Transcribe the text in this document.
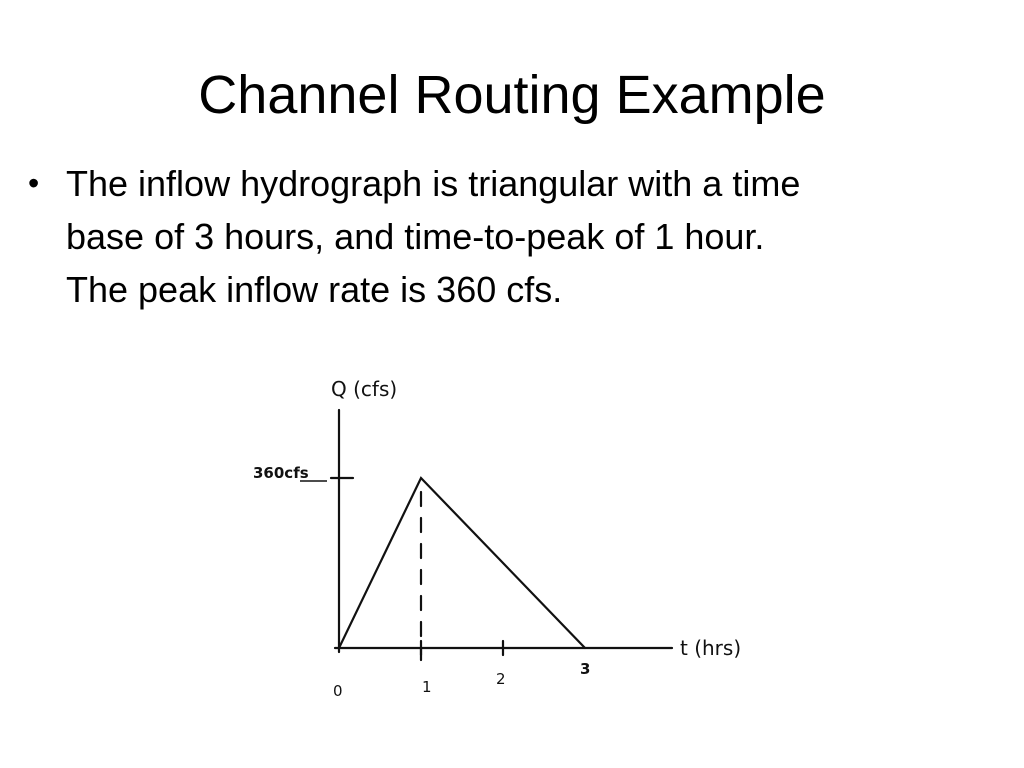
Channel Routing Example
• The inflow hydrograph is triangular with a time
base of 3 hours, and time-to-peak of 1 hour.
The peak inflow rate is 360 cfs.
Q (cfs)
t (hrs)
360cfs
0	1	2
3
